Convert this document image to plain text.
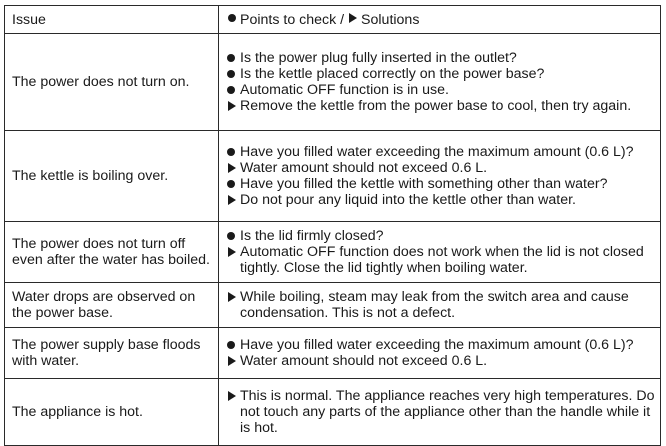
Issue	Points to check / Solutions
The power does not turn on.	Is the power plug fully inserted in the outlet?
Is the kettle placed correctly on the power base?
Automatic OFF function is in use.
Remove the kettle from the power base to cool, then try again.

The kettle is boiling over.	Have you filled water exceeding the maximum amount (0.6 L)?
Water amount should not exceed 0.6 L.
Have you filled the kettle with something other than water?
Do not pour any liquid into the kettle other than water.

The power does not turn off even after the water has boiled.	Is the lid firmly closed?
Automatic OFF function does not work when the lid is not closed tightly. Close the lid tightly when boiling water.

Water drops are observed on the power base.	While boiling, steam may leak from the switch area and cause condensation. This is not a defect.

The power supply base floods with water.	Have you filled water exceeding the maximum amount (0.6 L)?
Water amount should not exceed 0.6 L.

The appliance is hot.	This is normal. The appliance reaches very high temperatures. Do not touch any parts of the appliance other than the handle while it is hot.
